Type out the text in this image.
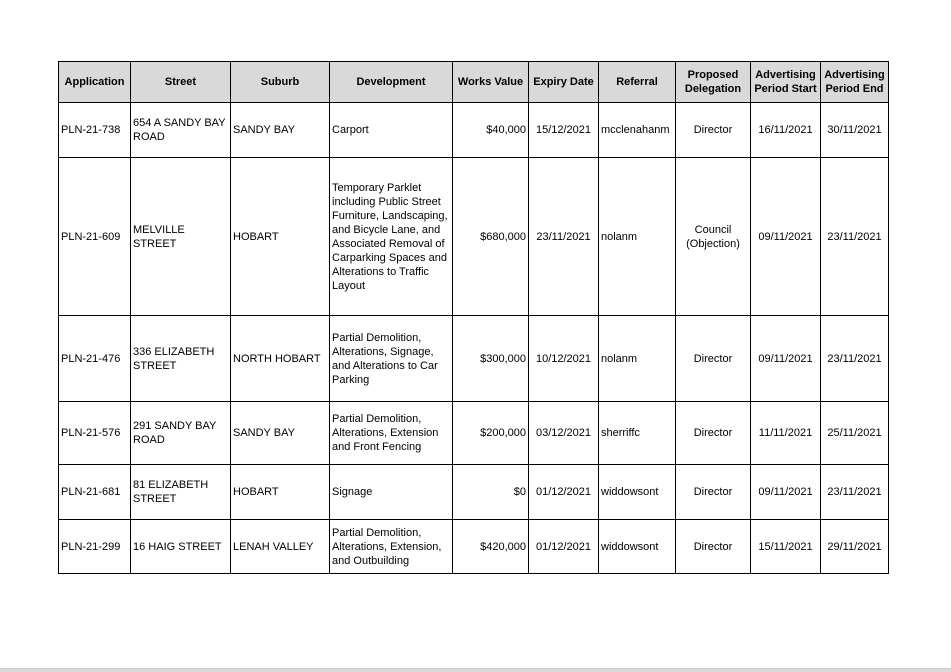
Application	Street	Suburb	Development	Works Value	Expiry Date	Referral	Proposed Delegation	Advertising Period Start	Advertising Period End
PLN-21-738	654 A SANDY BAY ROAD	SANDY BAY	Carport	$40,000	15/12/2021	mcclenahanm	Director	16/11/2021	30/11/2021
PLN-21-609	MELVILLE STREET	HOBART	Temporary Parklet including Public Street Furniture, Landscaping, and Bicycle Lane, and Associated Removal of Carparking Spaces and Alterations to Traffic Layout	$680,000	23/11/2021	nolanm	Council (Objection)	09/11/2021	23/11/2021
PLN-21-476	336 ELIZABETH STREET	NORTH HOBART	Partial Demolition, Alterations, Signage, and Alterations to Car Parking	$300,000	10/12/2021	nolanm	Director	09/11/2021	23/11/2021
PLN-21-576	291 SANDY BAY ROAD	SANDY BAY	Partial Demolition, Alterations, Extension and Front Fencing	$200,000	03/12/2021	sherriffc	Director	11/11/2021	25/11/2021
PLN-21-681	81 ELIZABETH STREET	HOBART	Signage	$0	01/12/2021	widdowsont	Director	09/11/2021	23/11/2021
PLN-21-299	16 HAIG STREET	LENAH VALLEY	Partial Demolition, Alterations, Extension, and Outbuilding	$420,000	01/12/2021	widdowsont	Director	15/11/2021	29/11/2021
